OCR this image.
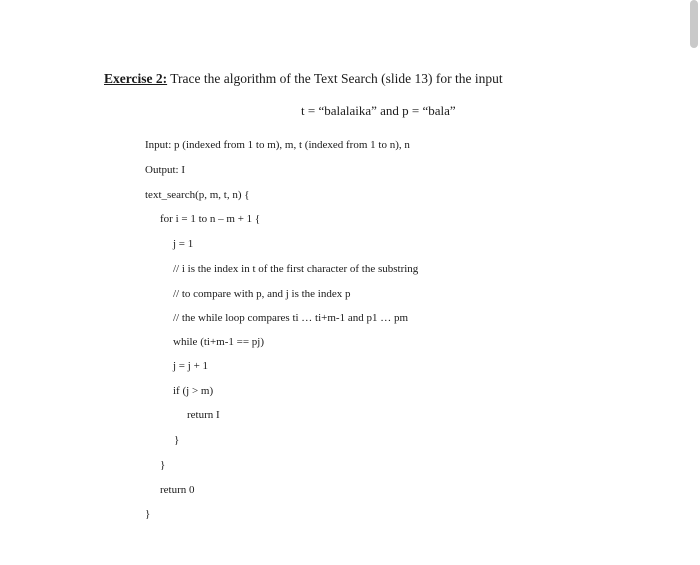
Exercise 2: Trace the algorithm of the Text Search (slide 13) for the input
t = “balalaika” and p = “bala”
Input: p (indexed from 1 to m), m, t (indexed from 1 to n), n
Output: I
text_search(p, m, t, n) {
for i = 1 to n – m + 1 {
j = 1
// i is the index in t of the first character of the substring
// to compare with p, and j is the index p
// the while loop compares ti … ti+m-1 and p1 … pm
while (ti+m-1 == pj)
j = j + 1
if (j > m)
return I
}
}
return 0
}
